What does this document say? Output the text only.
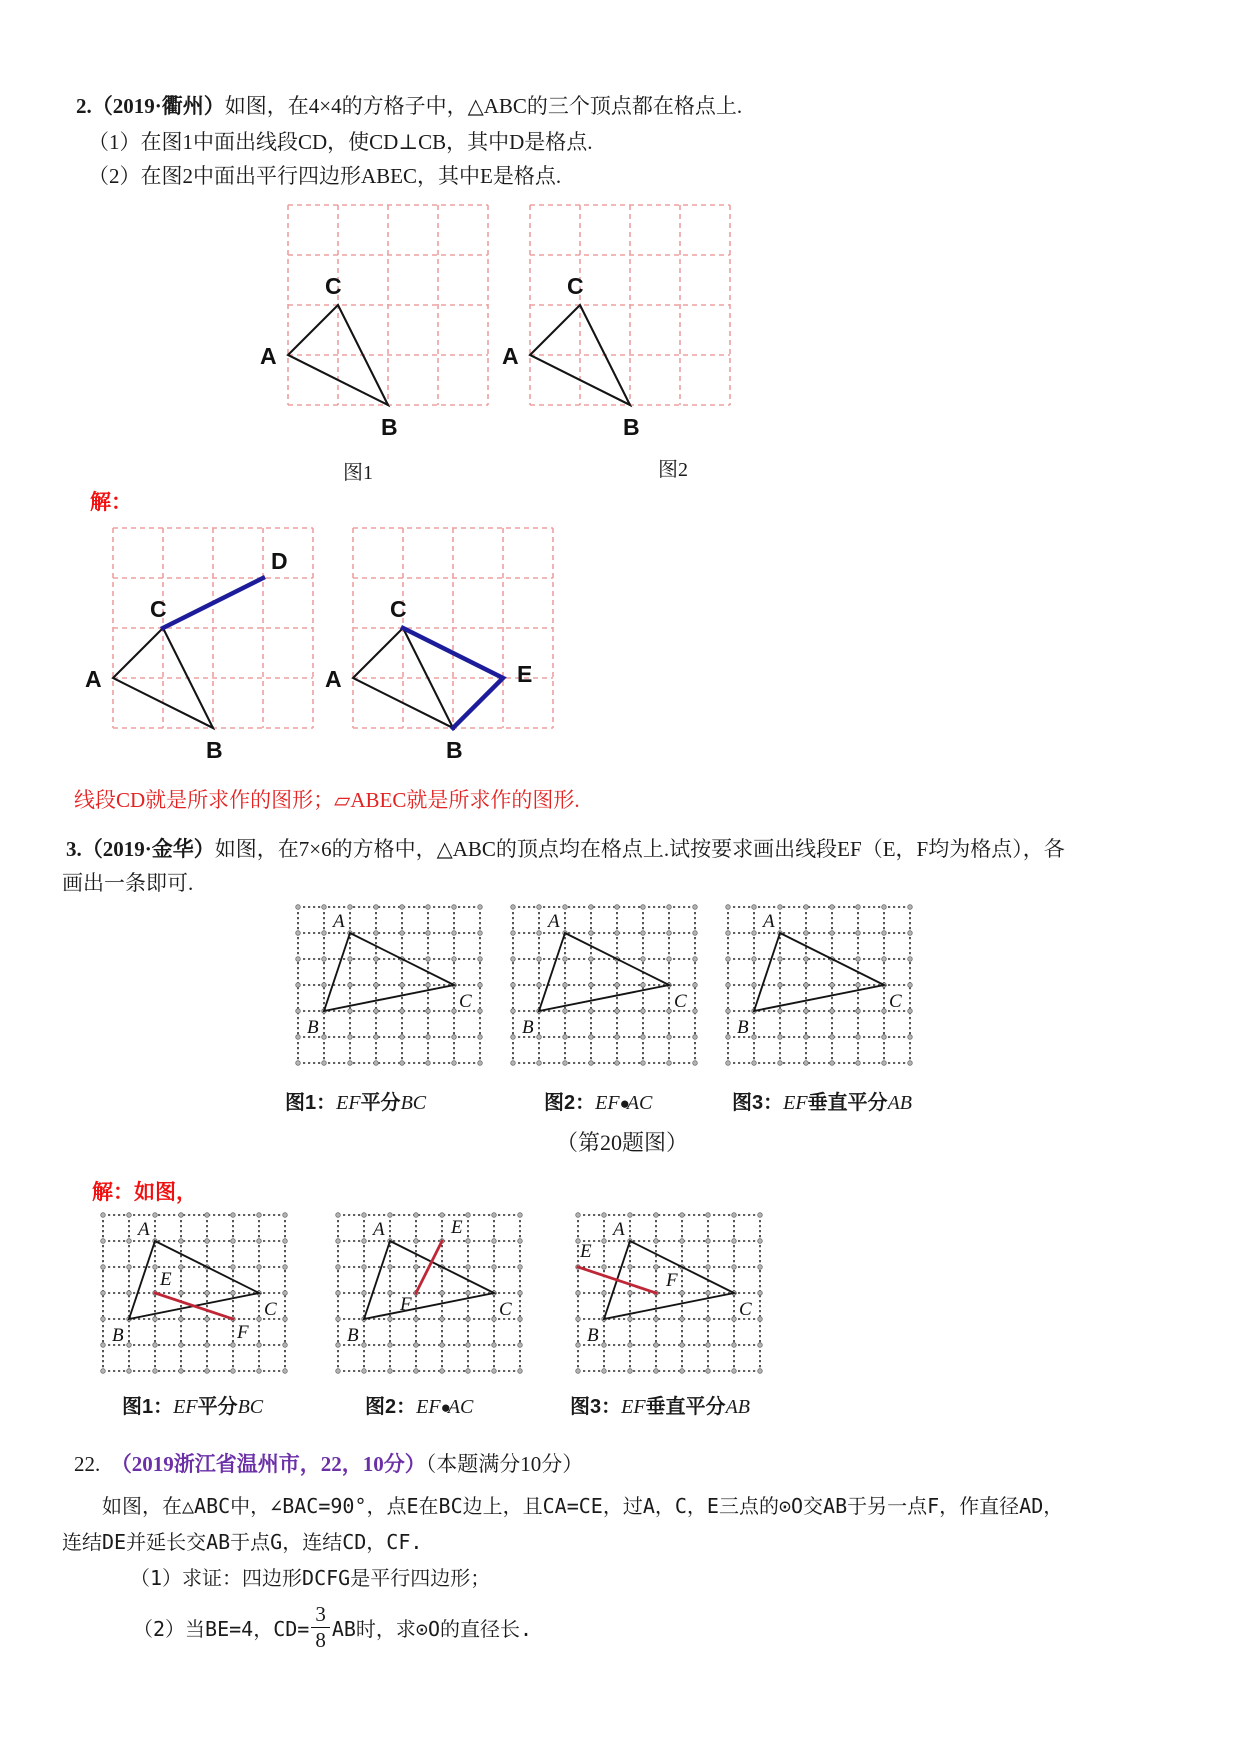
2.（2019·衢州）如图，在4×4的方格子中，△ABC的三个顶点都在格点上.
（1）在图1中面出线段CD，使CD⊥CB，其中D是格点.
（2）在图2中面出平行四边形ABEC，其中E是格点.
图1	图2
解：
线段CD就是所求作的图形；▱ABEC就是所求作的图形.
3.（2019·金华）如图，在7×6的方格中，△ABC的顶点均在格点上.试按要求画出线段EF（E，F均为格点），各
画出一条即可.
图1：EF平分BC	图2：EF●AC	图3：EF垂直平分AB
（第20题图）
解：如图，
图1：EF平分BC	图2：EF●AC	图3：EF垂直平分AB
22. （2019浙江省温州市，22，10分）（本题满分10分）
如图，在△ABC中，∠BAC=90°，点E在BC边上，且CA=CE，过A，C，E三点的⊙O交AB于另一点F，作直径AD，
连结DE并延长交AB于点G，连结CD，CF.
（1）求证：四边形DCFG是平行四边形；
（2）当BE=4，$CD= \frac{3}{8}$ AB时，求⊙O的直径长.
A
C
B
A
C
B
A
C
B
D
A
C
B
E
A
B
C
A
B
C
A
B
C
A
B
C
E
F
A
B
C
E
F
A
B
C
E
F
